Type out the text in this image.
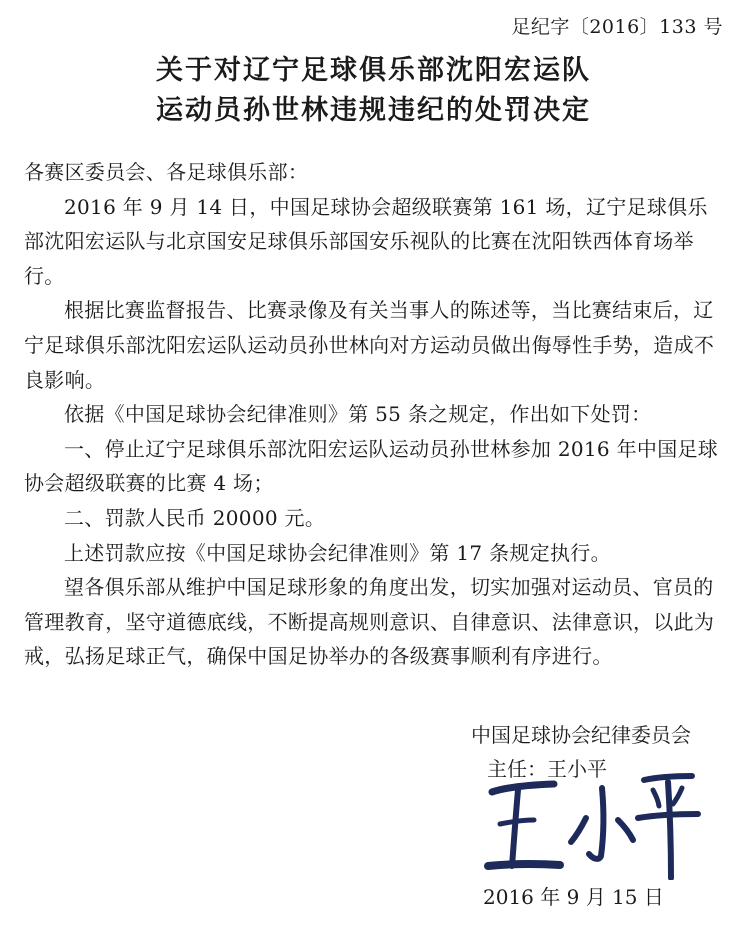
足纪字〔2016〕133 号
关于对辽宁足球俱乐部沈阳宏运队
运动员孙世林违规违纪的处罚决定

各赛区委员会、各足球俱乐部：

2016 年 9 月 14 日，中国足球协会超级联赛第 161 场，辽宁足球俱乐部沈阳宏运队与北京国安足球俱乐部国安乐视队的比赛在沈阳铁西体育场举行。

根据比赛监督报告、比赛录像及有关当事人的陈述等，当比赛结束后，辽宁足球俱乐部沈阳宏运队运动员孙世林向对方运动员做出侮辱性手势，造成不良影响。

依据《中国足球协会纪律准则》第 55 条之规定，作出如下处罚：

一、停止辽宁足球俱乐部沈阳宏运队运动员孙世林参加 2016 年中国足球协会超级联赛的比赛 4 场；

二、罚款人民币 20000 元。

上述罚款应按《中国足球协会纪律准则》第 17 条规定执行。

望各俱乐部从维护中国足球形象的角度出发，切实加强对运动员、官员的管理教育，坚守道德底线，不断提高规则意识、自律意识、法律意识，以此为戒，弘扬足球正气，确保中国足协举办的各级赛事顺利有序进行。

中国足球协会纪律委员会
主任：王小平
2016 年 9 月 15 日
